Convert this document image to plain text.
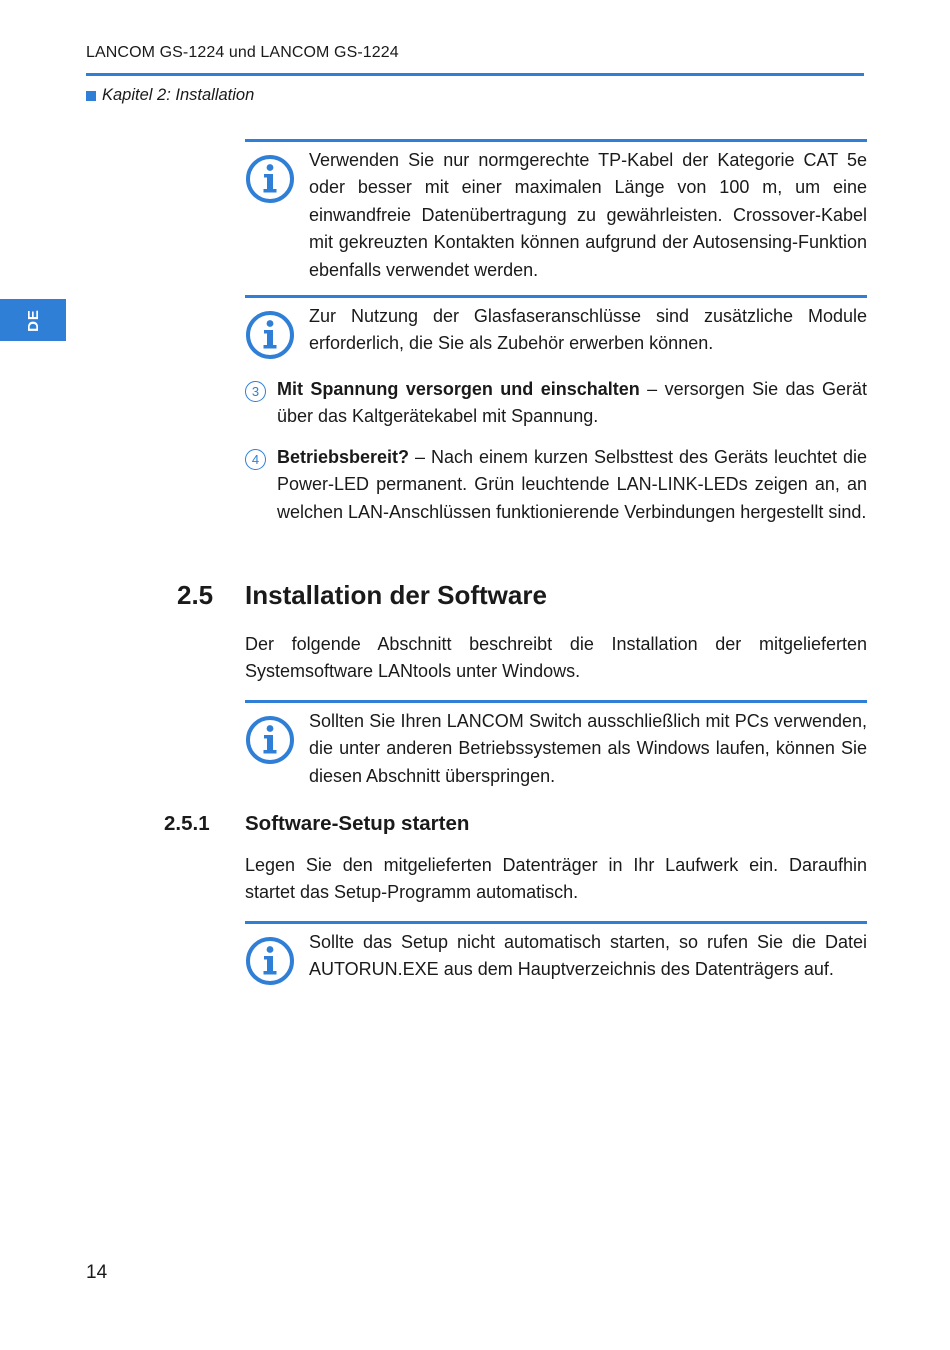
LANCOM GS-1224 und LANCOM GS-1224
Kapitel 2: Installation
DE
Verwenden Sie nur normgerechte TP-Kabel der Kategorie CAT 5e oder besser mit einer maximalen Länge von 100 m, um eine einwandfreie Datenübertragung zu gewährleisten. Crossover-Kabel mit gekreuzten Kontakten können aufgrund der Autosensing-Funktion ebenfalls verwendet werden.
Zur Nutzung der Glasfaseranschlüsse sind zusätzliche Module erforderlich, die Sie als Zubehör erwerben können.
3 Mit Spannung versorgen und einschalten – versorgen Sie das Gerät über das Kaltgerätekabel mit Spannung.
4 Betriebsbereit? – Nach einem kurzen Selbsttest des Geräts leuchtet die Power-LED permanent. Grün leuchtende LAN-LINK-LEDs zeigen an, an welchen LAN-Anschlüssen funktionierende Verbindungen hergestellt sind.
2.5 Installation der Software
Der folgende Abschnitt beschreibt die Installation der mitgelieferten Systemsoftware LANtools unter Windows.
Sollten Sie Ihren LANCOM Switch ausschließlich mit PCs verwenden, die unter anderen Betriebssystemen als Windows laufen, können Sie diesen Abschnitt überspringen.
2.5.1 Software-Setup starten
Legen Sie den mitgelieferten Datenträger in Ihr Laufwerk ein. Daraufhin startet das Setup-Programm automatisch.
Sollte das Setup nicht automatisch starten, so rufen Sie die Datei AUTORUN.EXE aus dem Hauptverzeichnis des Datenträgers auf.
14
